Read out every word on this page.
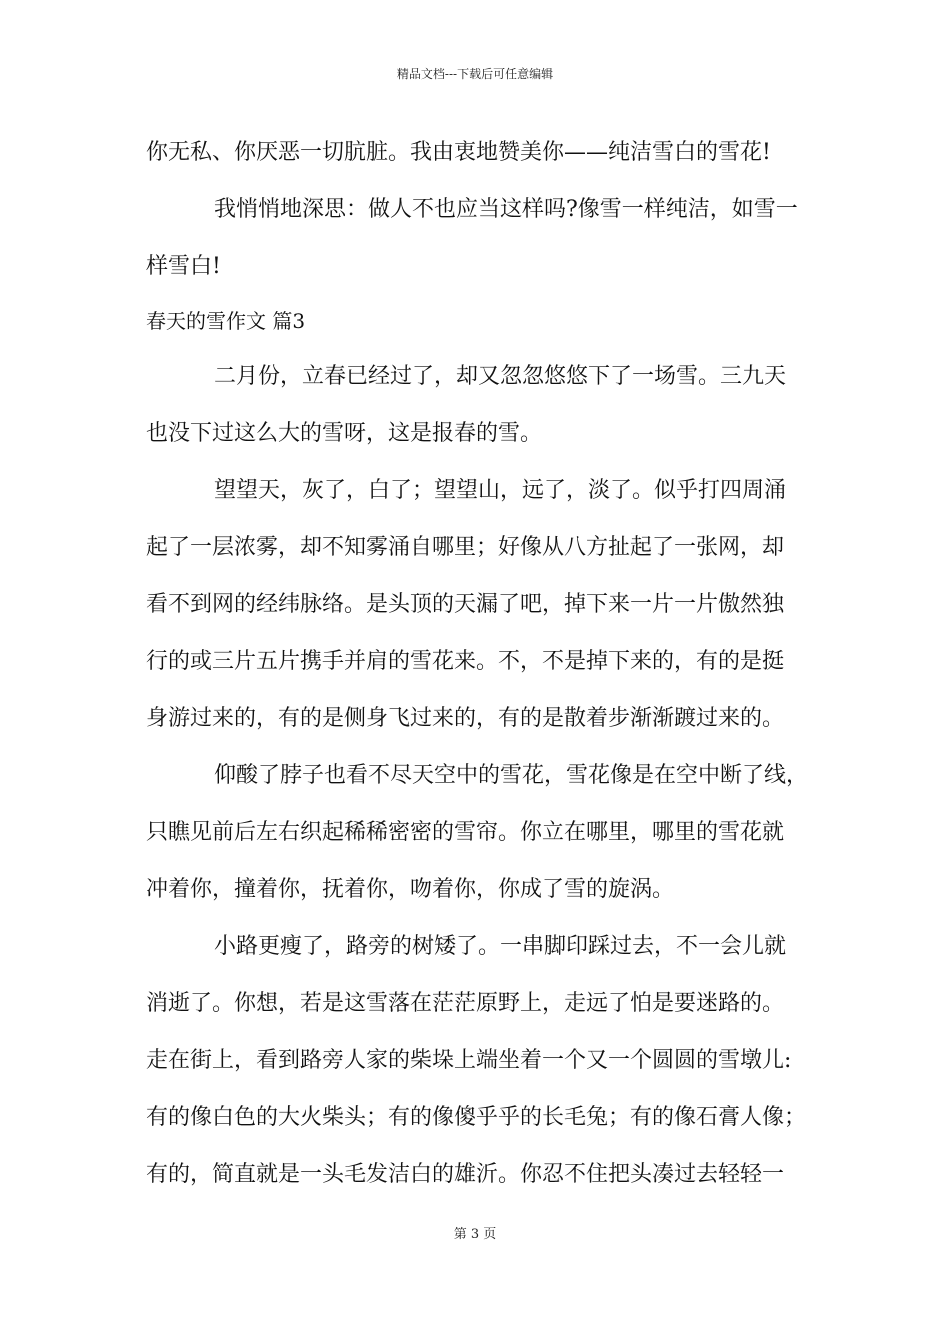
精品文档---下载后可任意编辑
你无私、你厌恶一切肮脏。我由衷地赞美你——纯洁雪白的雪花!
我悄悄地深思：做人不也应当这样吗?像雪一样纯洁，如雪一
样雪白!
春天的雪作文 篇3
二月份，立春已经过了，却又忽忽悠悠下了一场雪。三九天
也没下过这么大的雪呀，这是报春的雪。
望望天，灰了，白了；望望山，远了，淡了。似乎打四周涌
起了一层浓雾，却不知雾涌自哪里；好像从八方扯起了一张网，却
看不到网的经纬脉络。是头顶的天漏了吧，掉下来一片一片傲然独
行的或三片五片携手并肩的雪花来。不，不是掉下来的，有的是挺
身游过来的，有的是侧身飞过来的，有的是散着步渐渐踱过来的。
仰酸了脖子也看不尽天空中的雪花，雪花像是在空中断了线，
只瞧见前后左右织起稀稀密密的雪帘。你立在哪里，哪里的雪花就
冲着你，撞着你，抚着你，吻着你，你成了雪的旋涡。
小路更瘦了，路旁的树矮了。一串脚印踩过去，不一会儿就
消逝了。你想，若是这雪落在茫茫原野上，走远了怕是要迷路的。
走在街上，看到路旁人家的柴垛上端坐着一个又一个圆圆的雪墩儿:
有的像白色的大火柴头；有的像傻乎乎的长毛兔；有的像石膏人像；
有的，简直就是一头毛发洁白的雄沂。你忍不住把头凑过去轻轻一
第 3 页
